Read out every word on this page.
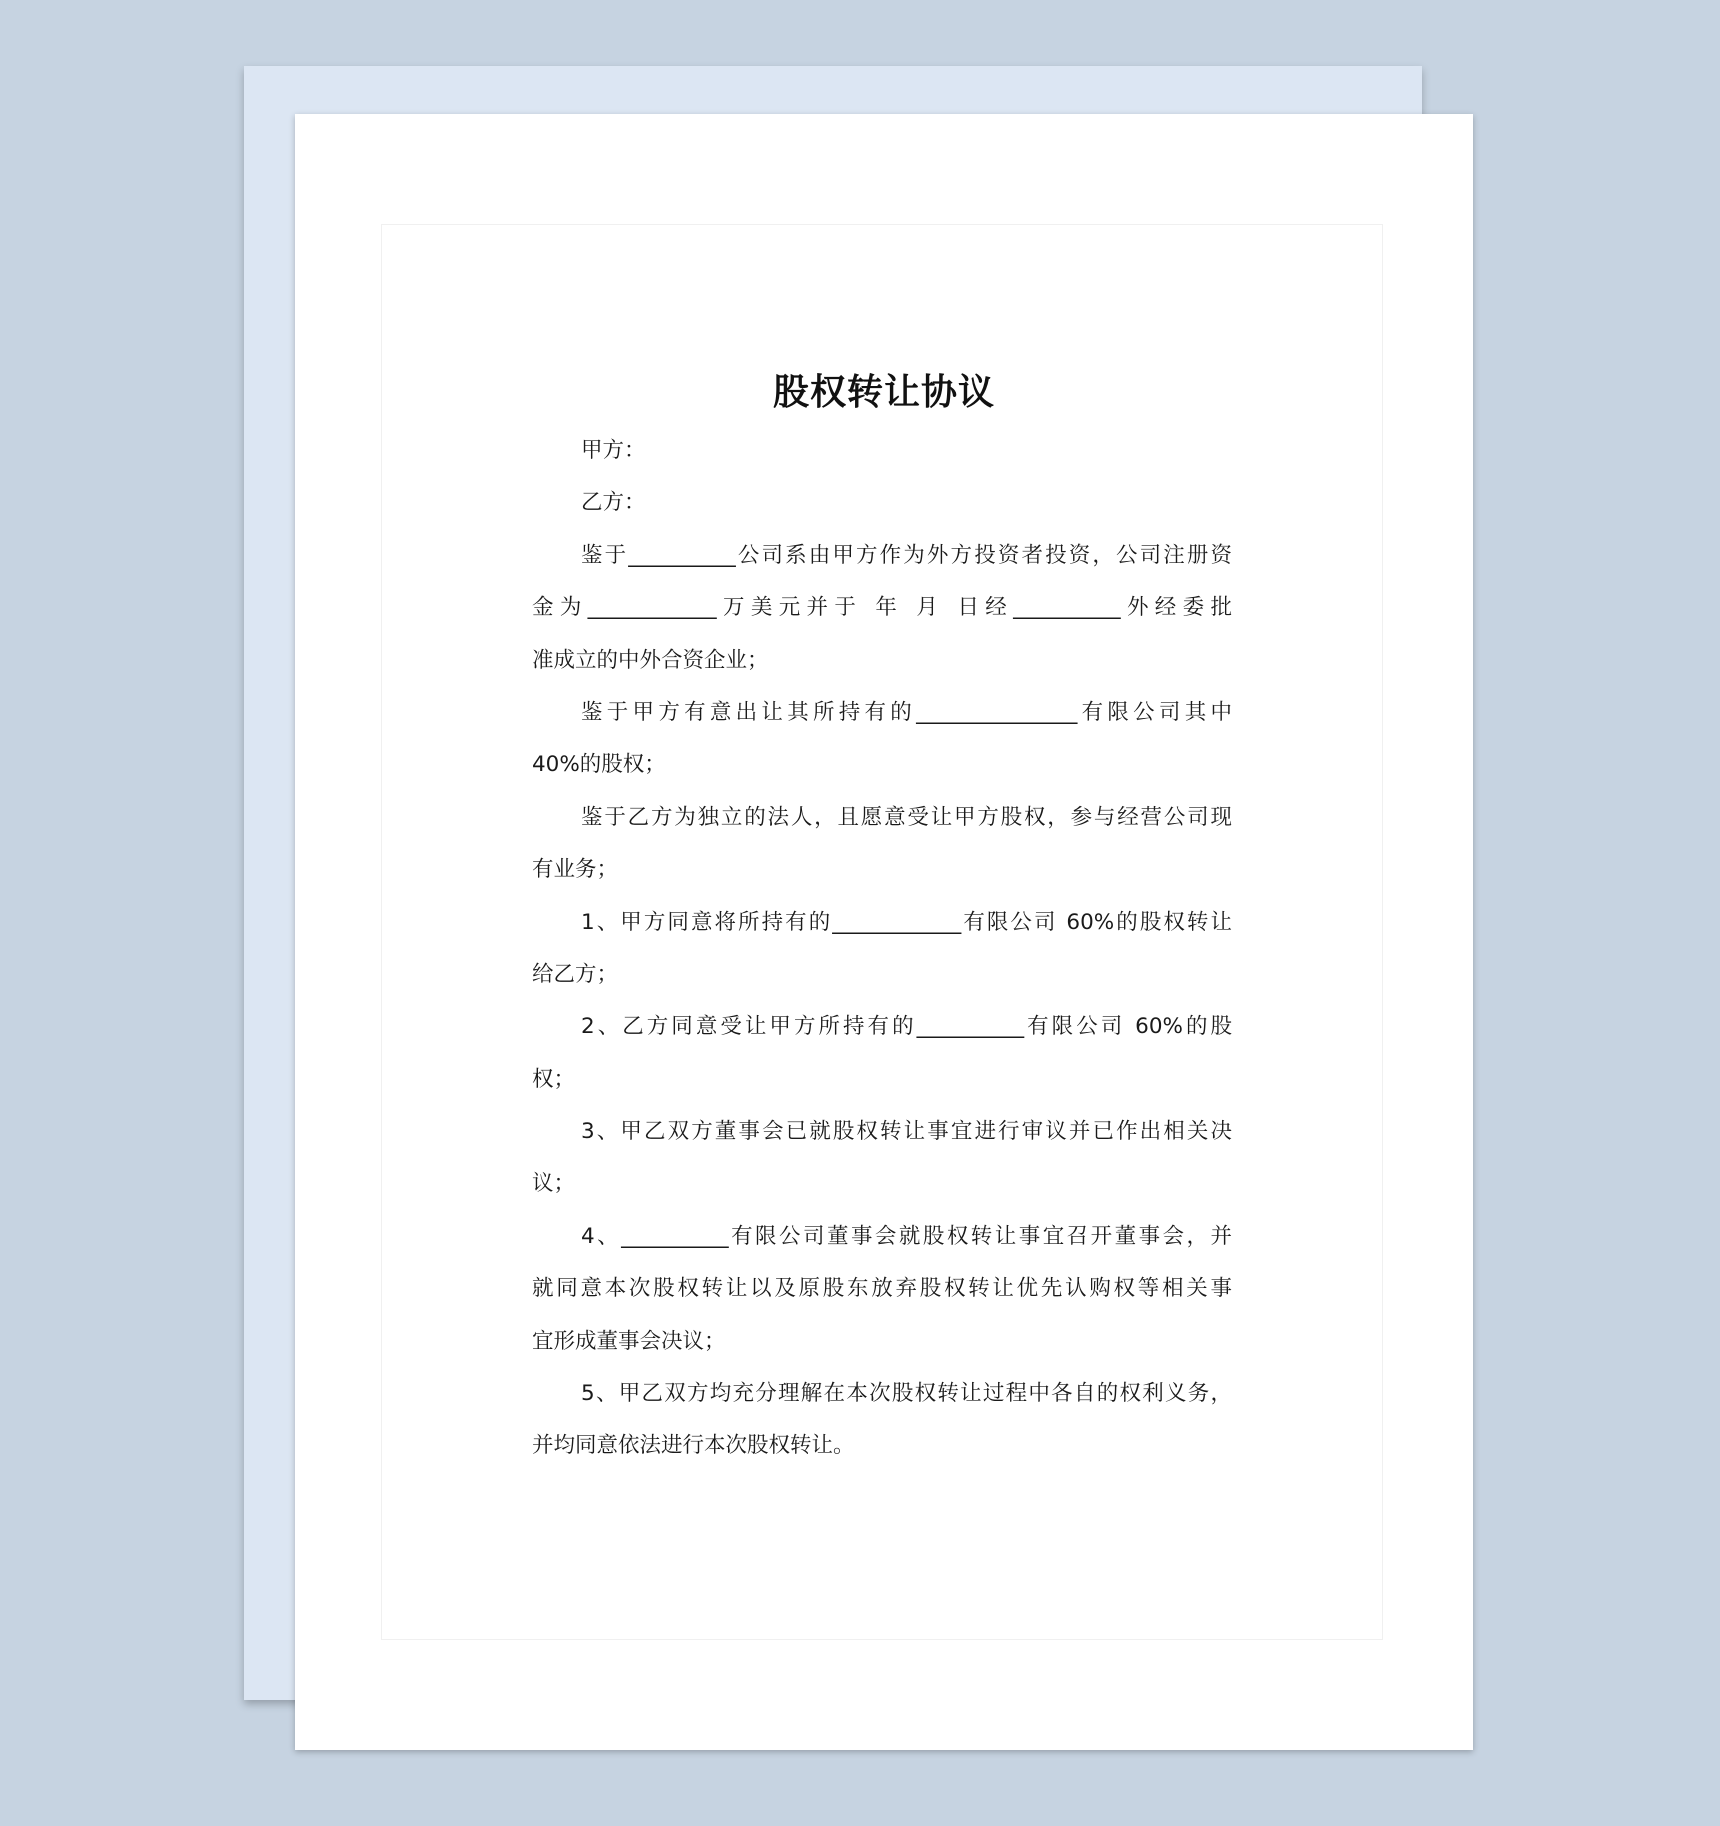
股权转让协议
甲方：
乙方：
鉴于__________公司系由甲方作为外方投资者投资，公司注册资
金为____________万美元并于 年 月 日经__________外经委批
准成立的中外合资企业；
鉴于甲方有意出让其所持有的_______________有限公司其中
40%的股权；
鉴于乙方为独立的法人，且愿意受让甲方股权，参与经营公司现
有业务；
1、甲方同意将所持有的____________有限公司 60%的股权转让
给乙方；
2、乙方同意受让甲方所持有的__________有限公司 60%的股
权；
3、甲乙双方董事会已就股权转让事宜进行审议并已作出相关决
议；
4、__________有限公司董事会就股权转让事宜召开董事会，并
就同意本次股权转让以及原股东放弃股权转让优先认购权等相关事
宜形成董事会决议；
5、甲乙双方均充分理解在本次股权转让过程中各自的权利义务，
并均同意依法进行本次股权转让。
